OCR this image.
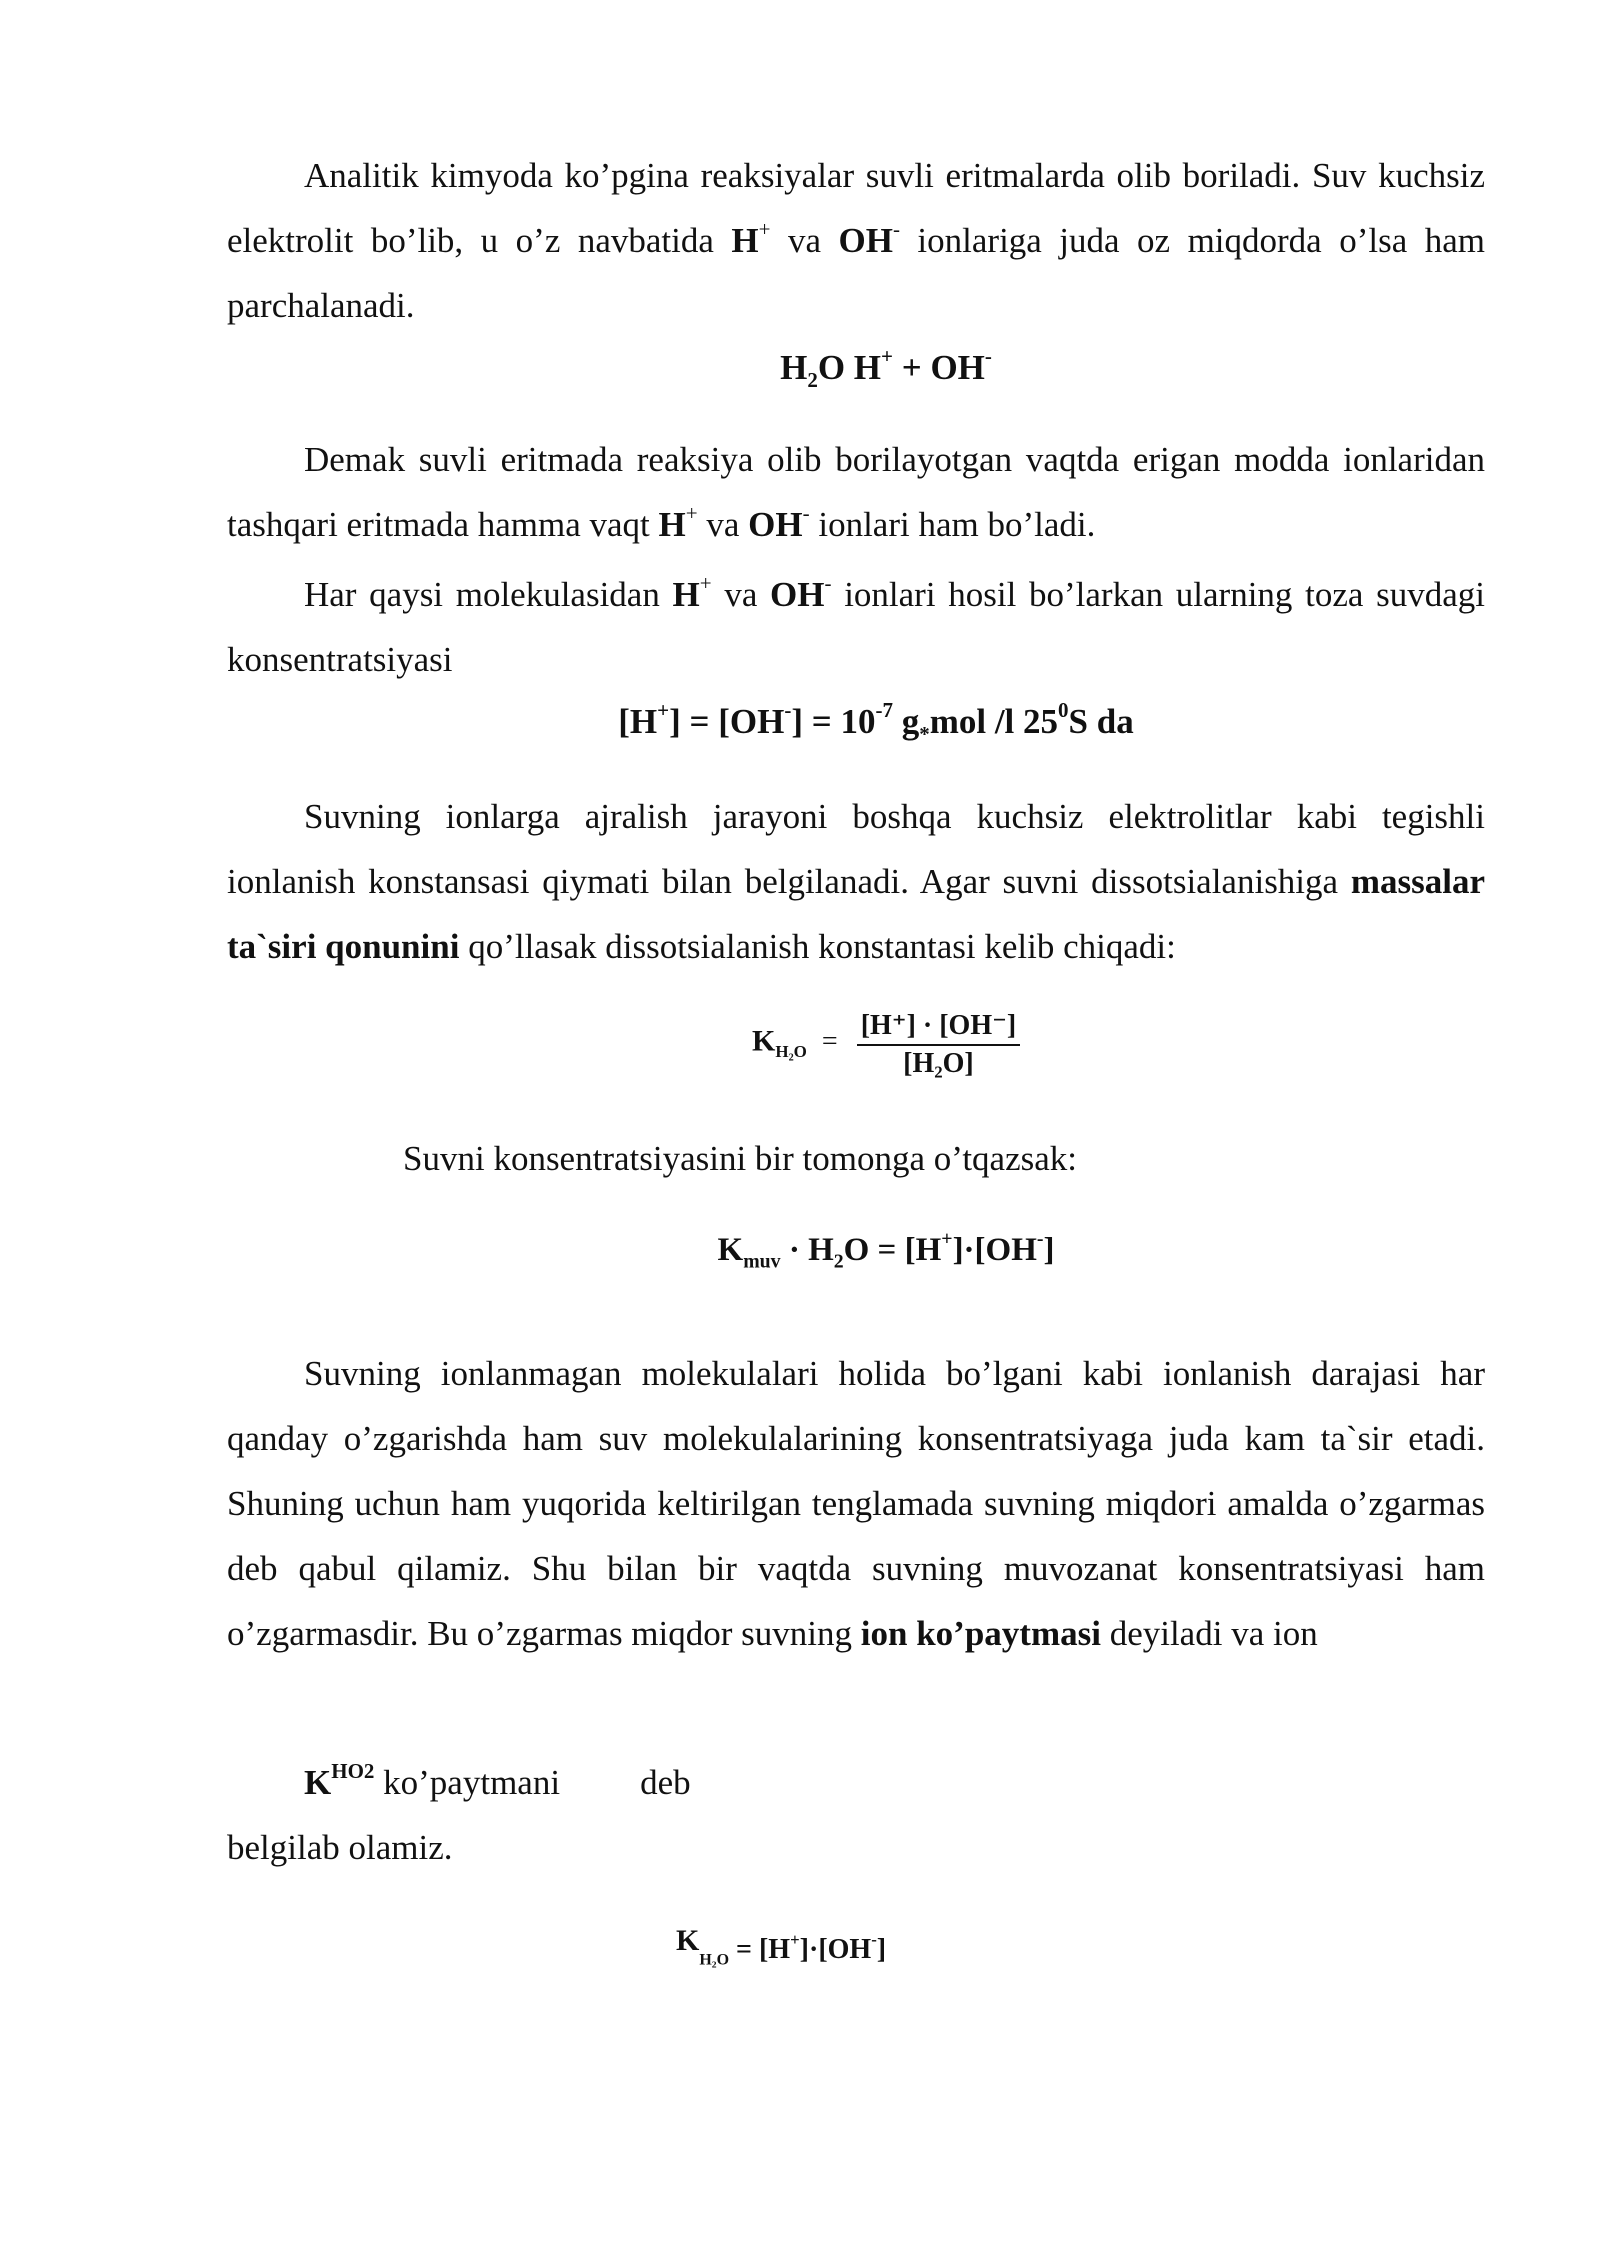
Analitik kimyoda ko’pgina reaksiyalar suvli eritmalarda olib boriladi. Suv kuchsiz elektrolit bo’lib, u o’z navbatida H+ va OH- ionlariga juda oz miqdorda o’lsa ham parchalanadi.

$H_2O$ H+ + OH-

Demak suvli eritmada reaksiya olib borilayotgan vaqtda erigan modda ionlaridan tashqari eritmada hamma vaqt H+ va OH- ionlari ham bo’ladi.

Har qaysi molekulasidan H+ va OH- ionlari hosil bo’larkan ularning toza suvdagi konsentratsiyasi

$[H^+] = [OH^-] = 10^{-7}$ $g_*mol$ /l $25^0S$ da

Suvning ionlarga ajralish jarayoni boshqa kuchsiz elektrolitlar kabi tegishli ionlanish konstansasi qiymati bilan belgilanadi. Agar suvni dissotsialanishiga massalar ta`siri qonunini qo’llasak dissotsialanish konstantasi kelib chiqadi:

$K_{H_2O} = \frac{[H^+] \cdot [OH^-]}{\text{[H₂O]}}$

Suvni konsentratsiyasini bir tomonga o’tqazsak:

$K_{muv} \cdot H_2O = [H^+]\cdot[OH^-]$

Suvning ionlanmagan molekulalari holida bo’lgani kabi ionlanish darajasi har qanday o’zgarishda ham suv molekulalarining konsentratsiyaga juda kam ta`sir etadi. Shuning uchun ham yuqorida keltirilgan tenglamada suvning miqdori amalda o’zgarmas deb qabul qilamiz. Shu bilan bir vaqtda suvning muvozanat konsentratsiyasi ham o’zgarmasdir. Bu o’zgarmas miqdor suvning ion ko’paytmasi deyiladi va ion

$K^{HO2}$ ko’paytmani deb
belgilab olamiz.
$K_{H_2O} = [H^+]\cdot[OH^-]$
